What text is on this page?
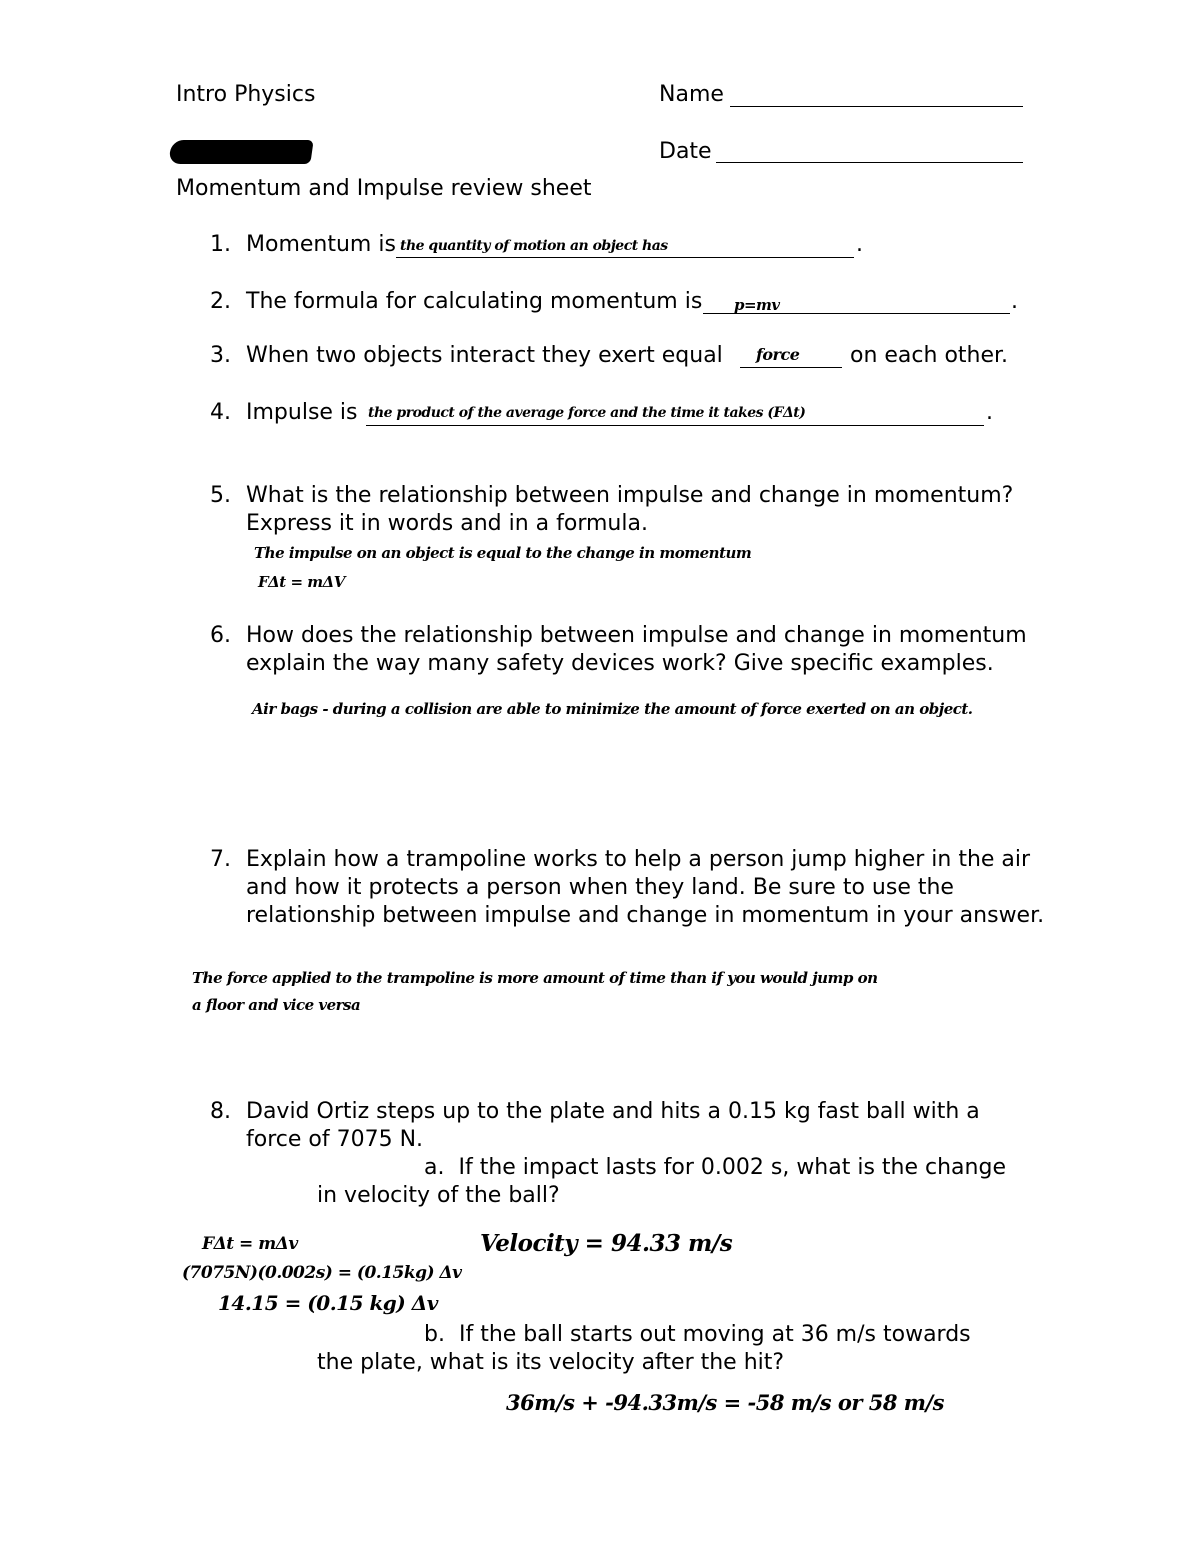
Intro Physics	Name
Date
Momentum and Impulse review sheet
1. Momentum is the quantity of motion an object has	.
2. The formula for calculating momentum is p=mv	.
3. When two objects interact they exert equal force on each other.
4. Impulse is the product of the average force and the time it takes (FΔt)	.
5. What is the relationship between impulse and change in momentum?
Express it in words and in a formula.
The impulse on an object is equal to the change in momentum
FΔt = mΔV
6. How does the relationship between impulse and change in momentum
explain the way many safety devices work? Give specific examples.
Air bags - during a collision are able to minimize the amount of force exerted on an object.
7. Explain how a trampoline works to help a person jump higher in the air
and how it protects a person when they land. Be sure to use the
relationship between impulse and change in momentum in your answer.
The force applied to the trampoline is more amount of time than if you would jump on
a floor and vice versa
8. David Ortiz steps up to the plate and hits a 0.15 kg fast ball with a
force of 7075 N.
a. If the impact lasts for 0.002 s, what is the change
in velocity of the ball?
FΔt = mΔv
(7075N)(0.002s) = (0.15kg) Δv
14.15 = (0.15 kg) Δv
Velocity = 94.33 m/s
b. If the ball starts out moving at 36 m/s towards
the plate, what is its velocity after the hit?
36m/s + -94.33m/s = -58 m/s or 58 m/s
